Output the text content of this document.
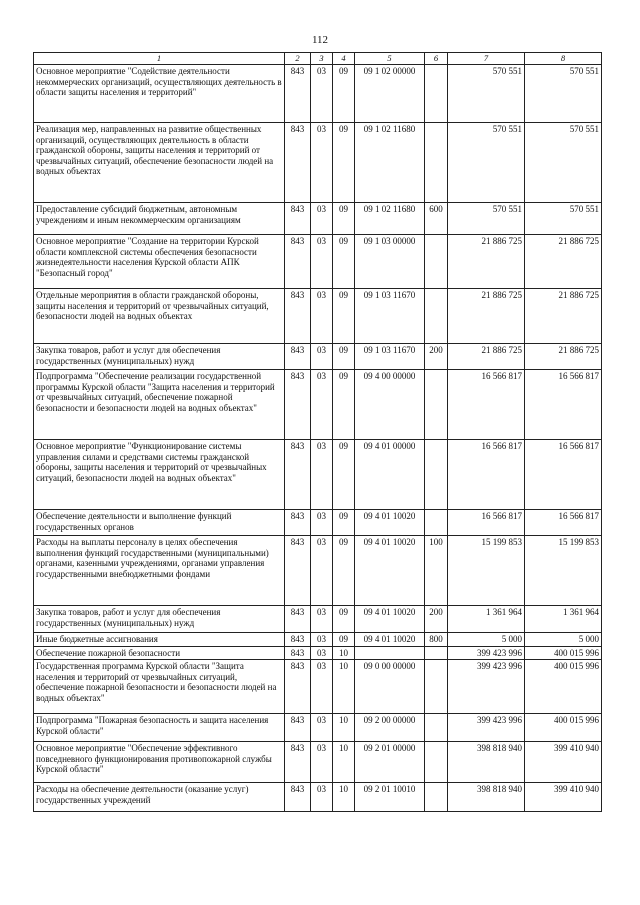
112
1	2	3	4	5	6	7	8
Основное мероприятие "Содействие деятельности некоммерческих организаций, осуществляющих деятельность в области защиты населения и территорий"	843	03	09	09 1 02 00000		570 551	570 551
Реализация мер, направленных на развитие общественных организаций, осуществляющих деятельность в области гражданской обороны, защиты населения и территорий от чрезвычайных ситуаций, обеспечение безопасности людей на водных объектах	843	03	09	09 1 02 11680		570 551	570 551
Предоставление субсидий бюджетным, автономным учреждениям и иным некоммерческим организациям	843	03	09	09 1 02 11680	600	570 551	570 551
Основное мероприятие "Создание на территории Курской области комплексной системы обеспечения безопасности жизнедеятельности населения Курской области АПК "Безопасный город"	843	03	09	09 1 03 00000		21 886 725	21 886 725
Отдельные мероприятия в области гражданской обороны, защиты населения и территорий от чрезвычайных ситуаций, безопасности людей на водных объектах	843	03	09	09 1 03 11670		21 886 725	21 886 725
Закупка товаров, работ и услуг для обеспечения государственных (муниципальных) нужд	843	03	09	09 1 03 11670	200	21 886 725	21 886 725
Подпрограмма "Обеспечение реализации государственной программы Курской области "Защита населения и территорий от чрезвычайных ситуаций, обеспечение пожарной безопасности и безопасности людей на водных объектах"	843	03	09	09 4 00 00000		16 566 817	16 566 817
Основное мероприятие "Функционирование системы управления силами и средствами системы гражданской обороны, защиты населения и территорий от чрезвычайных ситуаций, безопасности людей на водных объектах"	843	03	09	09 4 01 00000		16 566 817	16 566 817
Обеспечение деятельности и выполнение функций государственных органов	843	03	09	09 4 01 10020		16 566 817	16 566 817
Расходы на выплаты персоналу в целях обеспечения выполнения функций государственными (муниципальными) органами, казенными учреждениями, органами управления государственными внебюджетными фондами	843	03	09	09 4 01 10020	100	15 199 853	15 199 853
Закупка товаров, работ и услуг для обеспечения государственных (муниципальных) нужд	843	03	09	09 4 01 10020	200	1 361 964	1 361 964
Иные бюджетные ассигнования	843	03	09	09 4 01 10020	800	5 000	5 000
Обеспечение пожарной безопасности	843	03	10			399 423 996	400 015 996
Государственная программа Курской области "Защита населения и территорий от чрезвычайных ситуаций, обеспечение пожарной безопасности и безопасности людей на водных объектах"	843	03	10	09 0 00 00000		399 423 996	400 015 996
Подпрограмма "Пожарная безопасность и защита населения Курской области"	843	03	10	09 2 00 00000		399 423 996	400 015 996
Основное мероприятие "Обеспечение эффективного повседневного функционирования противопожарной службы Курской области"	843	03	10	09 2 01 00000		398 818 940	399 410 940
Расходы на обеспечение деятельности (оказание услуг) государственных учреждений	843	03	10	09 2 01 10010		398 818 940	399 410 940
